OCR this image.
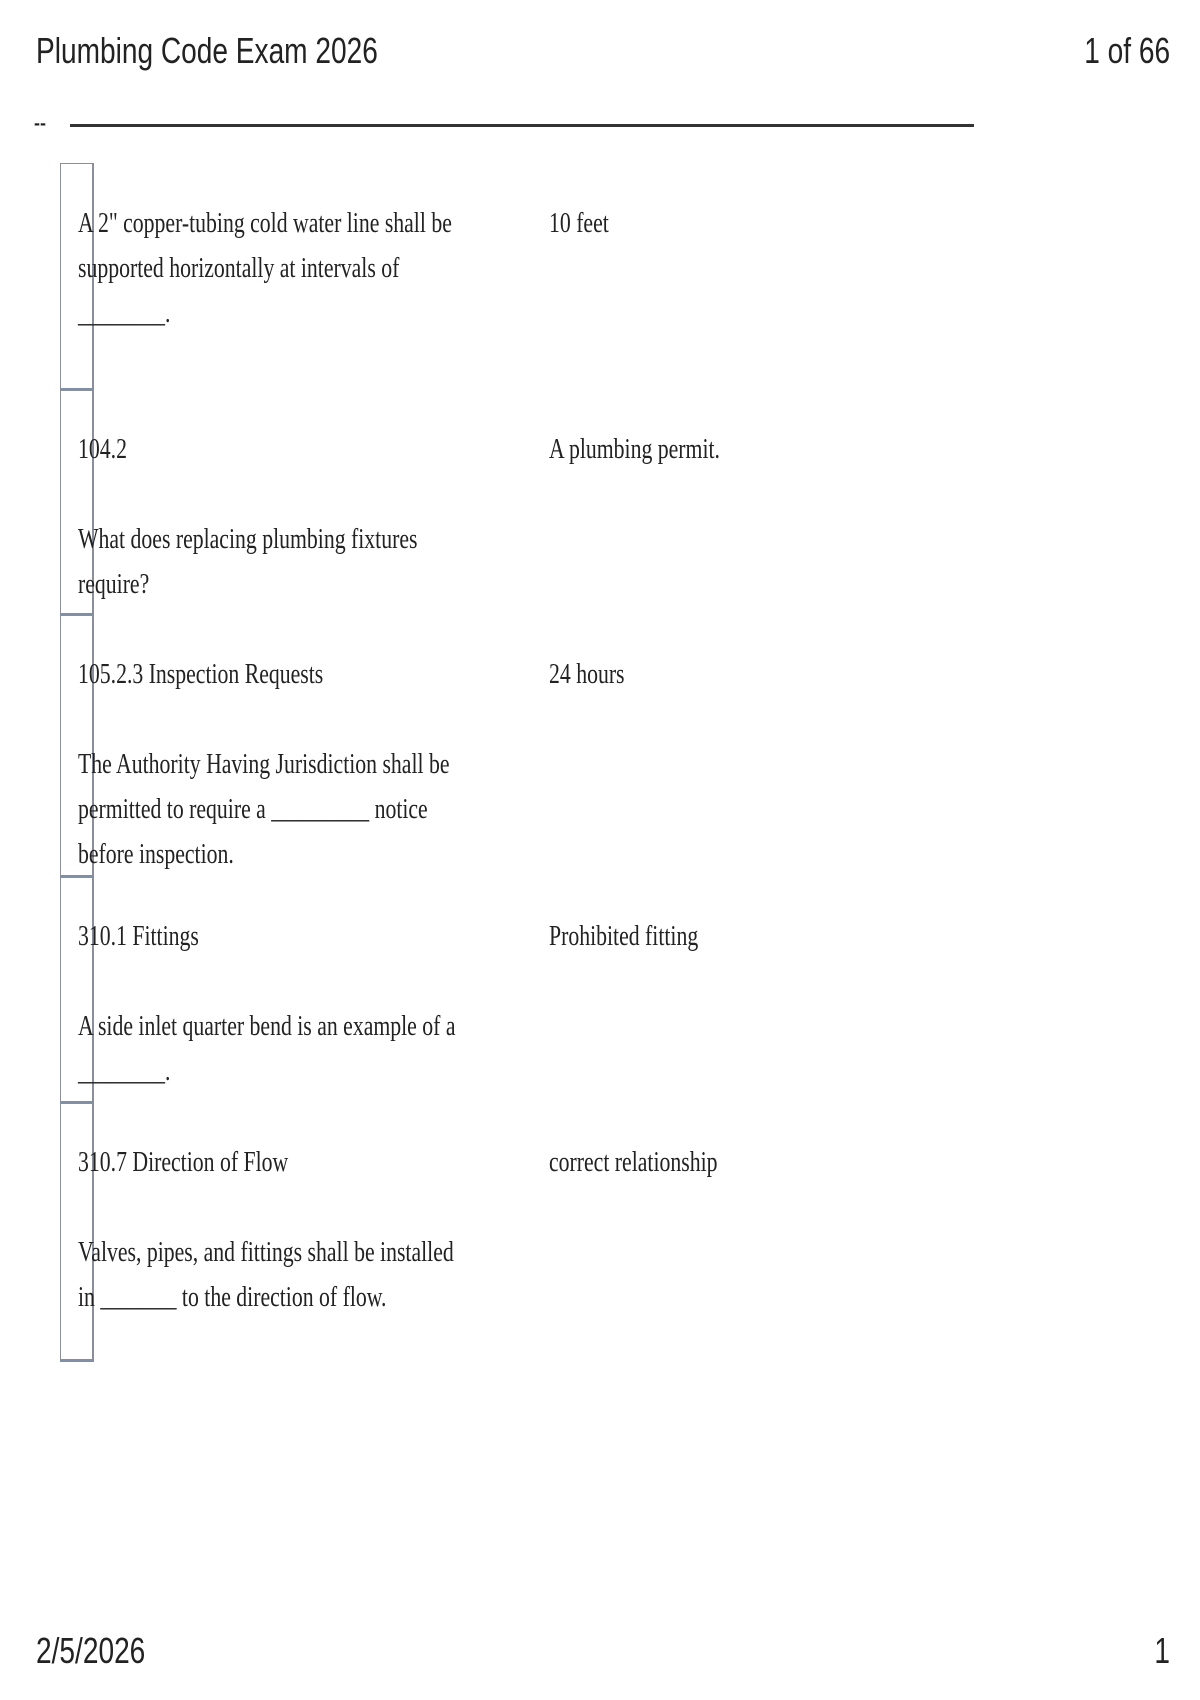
Plumbing Code Exam 2026	1 of 66
--

A 2" copper-tubing cold water line shall be supported horizontally at intervals of ________.

10 feet

104.2

What does replacing plumbing fixtures require?

A plumbing permit.

105.2.3 Inspection Requests

The Authority Having Jurisdiction shall be permitted to require a _________ notice before inspection.

24 hours

310.1 Fittings

A side inlet quarter bend is an example of a ________.

Prohibited fitting

310.7 Direction of Flow

Valves, pipes, and fittings shall be installed in _______ to the direction of flow.

correct relationship
2/5/2026	1
